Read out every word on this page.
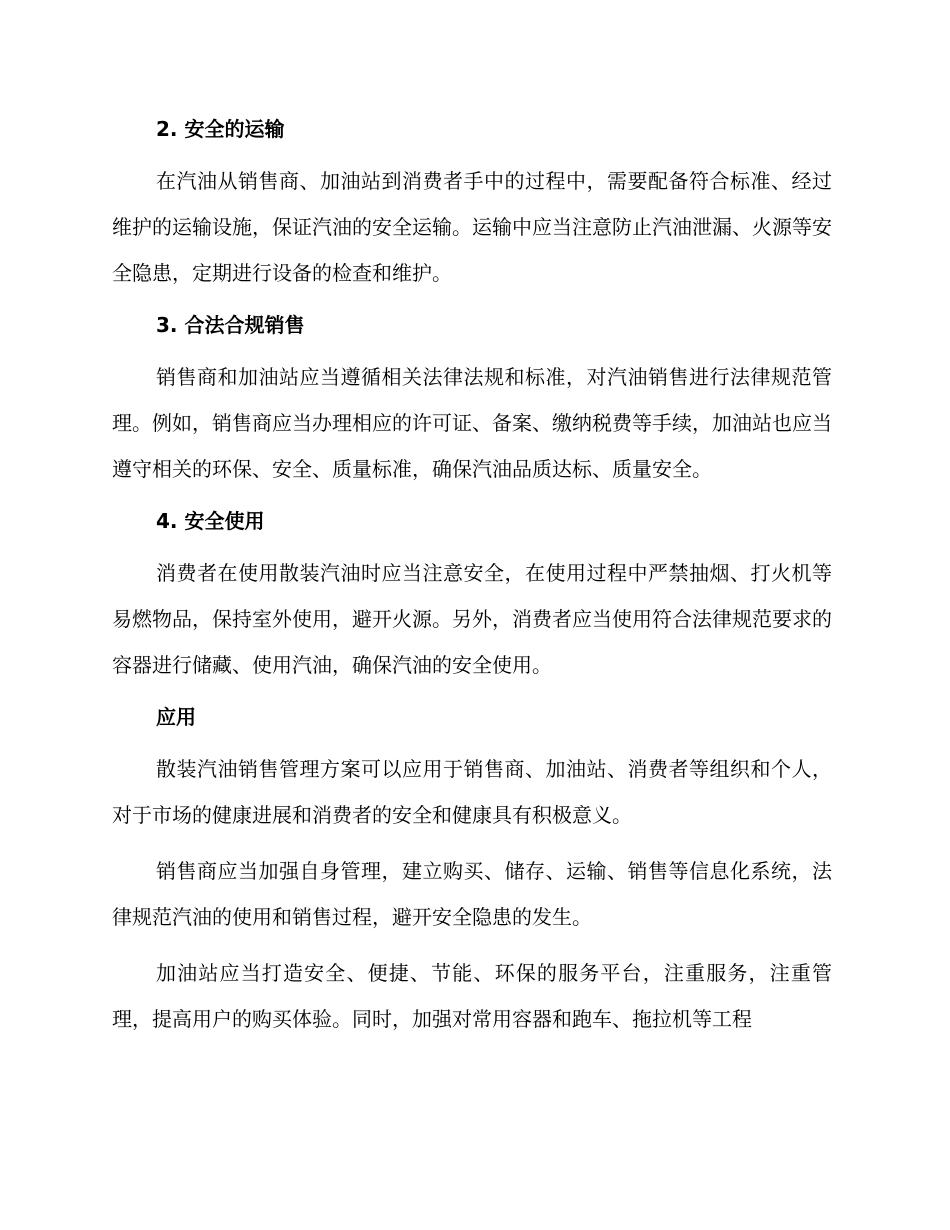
2. 安全的运输

在汽油从销售商、加油站到消费者手中的过程中，需要配备符合标准、经过维护的运输设施，保证汽油的安全运输。运输中应当注意防止汽油泄漏、火源等安全隐患，定期进行设备的检查和维护。

3. 合法合规销售

销售商和加油站应当遵循相关法律法规和标准，对汽油销售进行法律规范管理。例如，销售商应当办理相应的许可证、备案、缴纳税费等手续，加油站也应当遵守相关的环保、安全、质量标准，确保汽油品质达标、质量安全。

4. 安全使用

消费者在使用散装汽油时应当注意安全，在使用过程中严禁抽烟、打火机等易燃物品，保持室外使用，避开火源。另外，消费者应当使用符合法律规范要求的容器进行储藏、使用汽油，确保汽油的安全使用。

应用

散装汽油销售管理方案可以应用于销售商、加油站、消费者等组织和个人，对于市场的健康进展和消费者的安全和健康具有积极意义。

销售商应当加强自身管理，建立购买、储存、运输、销售等信息化系统，法律规范汽油的使用和销售过程，避开安全隐患的发生。

加油站应当打造安全、便捷、节能、环保的服务平台，注重服务，注重管理，提高用户的购买体验。同时，加强对常用容器和跑车、拖拉机等工程
